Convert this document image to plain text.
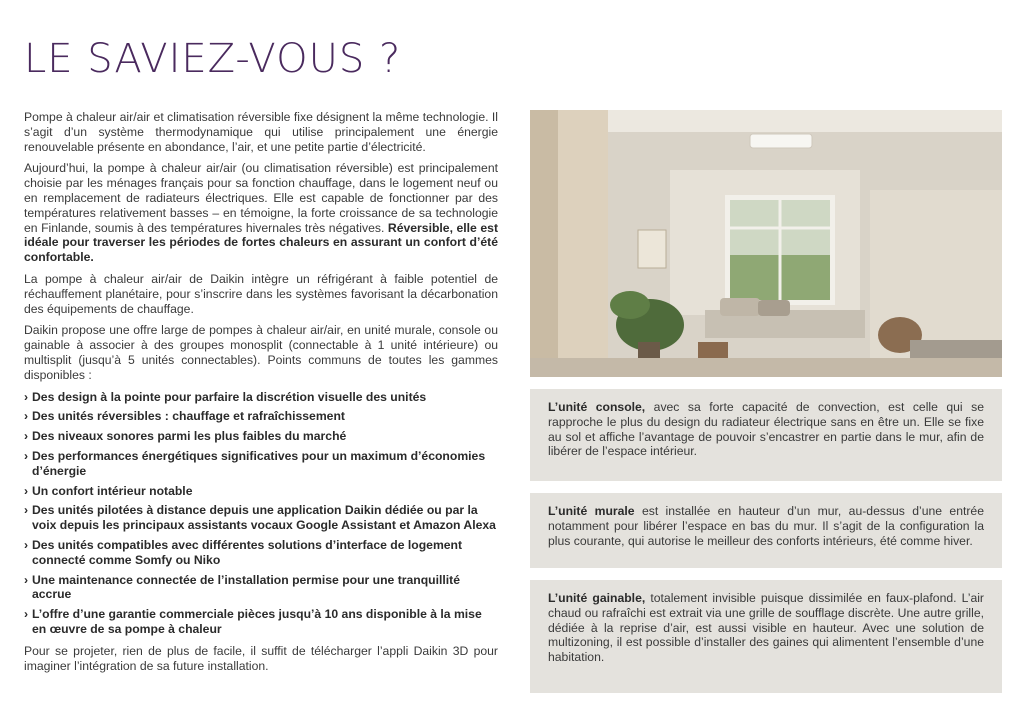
LE SAVIEZ-VOUS ?

Pompe à chaleur air/air et climatisation réversible fixe désignent la même technologie. Il s’agit d’un système thermodynamique qui utilise principalement une énergie renouvelable présente en abondance, l’air, et une petite partie d’électricité.

Aujourd’hui, la pompe à chaleur air/air (ou climatisation réversible) est principalement choisie par les ménages français pour sa fonction chauffage, dans le logement neuf ou en remplacement de radiateurs électriques. Elle est capable de fonctionner par des températures relativement basses – en témoigne, la forte croissance de sa technologie en Finlande, soumis à des températures hivernales très négatives. Réversible, elle est idéale pour traverser les périodes de fortes chaleurs en assurant un confort d’été confortable.

La pompe à chaleur air/air de Daikin intègre un réfrigérant à faible potentiel de réchauffement planétaire, pour s’inscrire dans les systèmes favorisant la décarbonation des équipements de chauffage.

Daikin propose une offre large de pompes à chaleur air/air, en unité murale, console ou gainable à associer à des groupes monosplit (connectable à 1 unité intérieure) ou multisplit (jusqu’à 5 unités connectables). Points communs de toutes les gammes disponibles :

› Des design à la pointe pour parfaire la discrétion visuelle des unités
› Des unités réversibles : chauffage et rafraîchissement
› Des niveaux sonores parmi les plus faibles du marché
› Des performances énergétiques significatives pour un maximum d’économies d’énergie
› Un confort intérieur notable
› Des unités pilotées à distance depuis une application Daikin dédiée ou par la voix depuis les principaux assistants vocaux Google Assistant et Amazon Alexa
› Des unités compatibles avec différentes solutions d’interface de logement connecté comme Somfy ou Niko
› Une maintenance connectée de l’installation permise pour une tranquillité accrue
› L’offre d’une garantie commerciale pièces jusqu’à 10 ans disponible à la mise en œuvre de sa pompe à chaleur

Pour se projeter, rien de plus de facile, il suffit de télécharger l’appli Daikin 3D pour imaginer l’intégration de sa future installation.

L’unité console, avec sa forte capacité de convection, est celle qui se rapproche le plus du design du radiateur électrique sans en être un. Elle se fixe au sol et affiche l’avantage de pouvoir s’encastrer en partie dans le mur, afin de libérer de l’espace intérieur.
L’unité murale est installée en hauteur d’un mur, au-dessus d’une entrée notamment pour libérer l’espace en bas du mur. Il s’agit de la configuration la plus courante, qui autorise le meilleur des conforts intérieurs, été comme hiver.
L’unité gainable, totalement invisible puisque dissimilée en faux-plafond. L’air chaud ou rafraîchi est extrait via une grille de soufflage discrète. Une autre grille, dédiée à la reprise d’air, est aussi visible en hauteur. Avec une solution de multizoning, il est possible d’installer des gaines qui alimentent l’ensemble d’une habitation.
